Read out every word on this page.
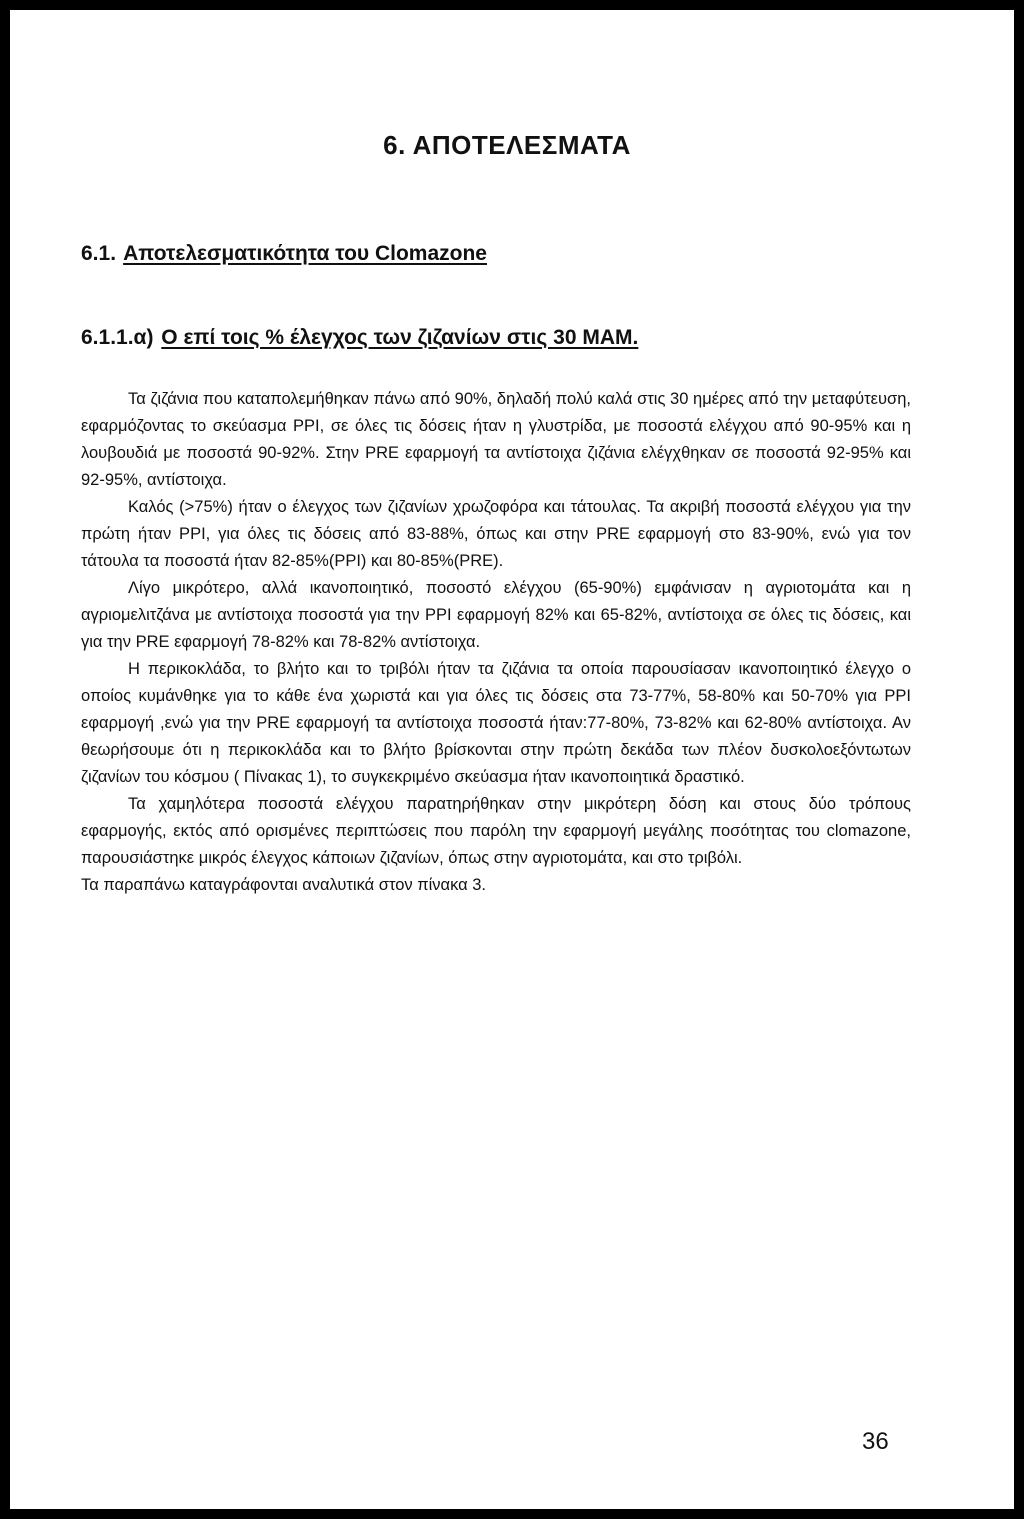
6. ΑΠΟΤΕΛΕΣΜΑΤΑ
6.1. Αποτελεσματικότητα του Clomazone
6.1.1.α) Ο επί τοις % έλεγχος των ζιζανίων στις 30 ΜΑΜ.

Τα ζιζάνια που καταπολεμήθηκαν πάνω από 90%, δηλαδή πολύ καλά στις 30 ημέρες από την μεταφύτευση, εφαρμόζοντας το σκεύασμα PPI, σε όλες τις δόσεις ήταν η γλυστρίδα, με ποσοστά ελέγχου από 90-95% και η λουβουδιά με ποσοστά 90-92%. Στην PRE εφαρμογή τα αντίστοιχα ζιζάνια ελέγχθηκαν σε ποσοστά 92-95% και 92-95%, αντίστοιχα.

Καλός (>75%) ήταν ο έλεγχος των ζιζανίων χρωζοφόρα και τάτουλας. Τα ακριβή ποσοστά ελέγχου για την πρώτη ήταν PPI, για όλες τις δόσεις από 83-88%, όπως και στην PRE εφαρμογή στο 83-90%, ενώ για τον τάτουλα τα ποσοστά ήταν 82-85%(PPI) και 80-85%(PRE).

Λίγο μικρότερο, αλλά ικανοποιητικό, ποσοστό ελέγχου (65-90%) εμφάνισαν η αγριοτομάτα και η αγριομελιτζάνα με αντίστοιχα ποσοστά για την PPI εφαρμογή 82% και 65-82%, αντίστοιχα σε όλες τις δόσεις, και για την PRE εφαρμογή 78-82% και 78-82% αντίστοιχα.

Η περικοκλάδα, το βλήτο και το τριβόλι ήταν τα ζιζάνια τα οποία παρουσίασαν ικανοποιητικό έλεγχο ο οποίος κυμάνθηκε για το κάθε ένα χωριστά και για όλες τις δόσεις στα 73-77%, 58-80% και 50-70% για PPI εφαρμογή ,ενώ για την PRE εφαρμογή τα αντίστοιχα ποσοστά ήταν:77-80%, 73-82% και 62-80% αντίστοιχα. Αν θεωρήσουμε ότι η περικοκλάδα και το βλήτο βρίσκονται στην πρώτη δεκάδα των πλέον δυσκολοεξόντωτων ζιζανίων του κόσμου ( Πίνακας 1), το συγκεκριμένο σκεύασμα ήταν ικανοποιητικά δραστικό.

Τα χαμηλότερα ποσοστά ελέγχου παρατηρήθηκαν στην μικρότερη δόση και στους δύο τρόπους εφαρμογής, εκτός από ορισμένες περιπτώσεις που παρόλη την εφαρμογή μεγάλης ποσότητας του clomazone, παρουσιάστηκε μικρός έλεγχος κάποιων ζιζανίων, όπως στην αγριοτομάτα, και στο τριβόλι.

Τα παραπάνω καταγράφονται αναλυτικά στον πίνακα 3.

36
